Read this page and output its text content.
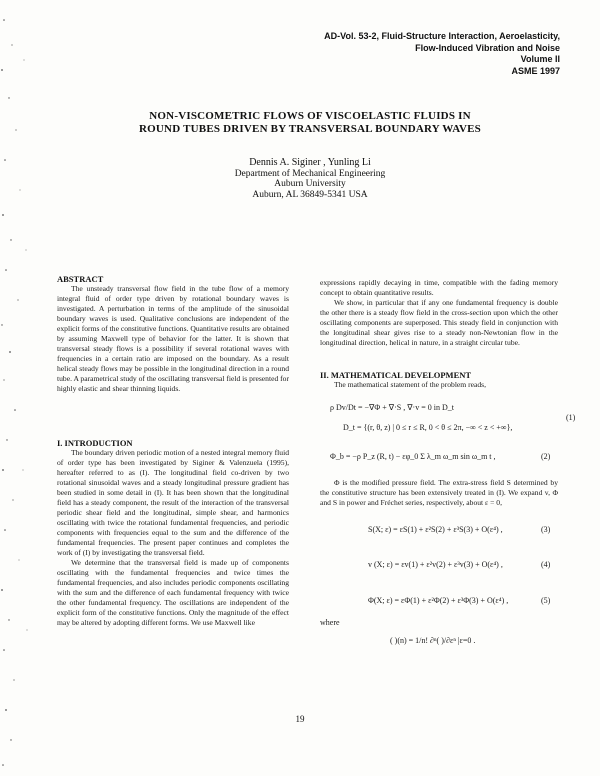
AD-Vol. 53-2, Fluid-Structure Interaction, Aeroelasticity,
Flow-Induced Vibration and Noise
Volume II
ASME 1997
NON-VISCOMETRIC FLOWS OF VISCOELASTIC FLUIDS IN
ROUND TUBES DRIVEN BY TRANSVERSAL BOUNDARY WAVES
Dennis A. Siginer , Yunling Li
Department of Mechanical Engineering
Auburn University
Auburn, AL 36849-5341 USA
ABSTRACT

The unsteady transversal flow field in the tube flow of a memory integral fluid of order type driven by rotational boundary waves is investigated. A perturbation in terms of the amplitude of the sinusoidal boundary waves is used. Qualitative conclusions are independent of the explicit forms of the constitutive functions. Quantitative results are obtained by assuming Maxwell type of behavior for the latter. It is shown that transversal steady flows is a possibility if several rotational waves with frequencies in a certain ratio are imposed on the boundary. As a result helical steady flows may be possible in the longitudinal direction in a round tube. A parametrical study of the oscillating transversal field is presented for highly elastic and shear thinning liquids.

I. INTRODUCTION

The boundary driven periodic motion of a nested integral memory fluid of order type has been investigated by Siginer & Valenzuela (1995), hereafter referred to as (I). The longitudinal field co-driven by two rotational sinusoidal waves and a steady longitudinal pressure gradient has been studied in some detail in (I). It has been shown that the longitudinal field has a steady component, the result of the interaction of the transversal periodic shear field and the longitudinal, simple shear, and harmonics oscillating with twice the rotational fundamental frequencies, and periodic components with frequencies equal to the sum and the difference of the fundamental frequencies. The present paper continues and completes the work of (I) by investigating the transversal field.

We determine that the transversal field is made up of components oscillating with the fundamental frequencies and twice times the fundamental frequencies, and also includes periodic components oscillating with the sum and the difference of each fundamental frequency with twice the other fundamental frequency. The oscillations are independent of the explicit form of the constitutive functions. Only the magnitude of the effect may be altered by adopting different forms. We use Maxwell like

expressions rapidly decaying in time, compatible with the fading memory concept to obtain quantitative results.

We show, in particular that if any one fundamental frequency is double the other there is a steady flow field in the cross-section upon which the other oscillating components are superposed. This steady field in conjunction with the longitudinal shear gives rise to a steady non-Newtonian flow in the longitudinal direction, helical in nature, in a straight circular tube.

II. MATHEMATICAL DEVELOPMENT

The mathematical statement of the problem reads,

ρ Dv/Dt = −∇Φ + ∇·S , ∇·v = 0 in D_t
D_t = {(r, θ, z) | 0 ≤ r ≤ R, 0 < θ ≤ 2π, −∞ < z < +∞},
(1)
Φ_b = −ρ P_z (R, t) − εφ_0 Σ λ_m ω_m sin ω_m t ,	(2)

Φ is the modified pressure field. The extra-stress field S determined by the constitutive structure has been extensively treated in (I). We expand v, Φ and S in power and Fréchet series, respectively, about ε = 0,

S(X; ε) = εS(1) + ε²S(2) + ε³S(3) + O(ε⁴) ,	(3)
v (X; ε) = εv(1) + ε²v(2) + ε³v(3) + O(ε⁴) ,	(4)
Φ(X; ε) = εΦ(1) + ε²Φ(2) + ε³Φ(3) + O(ε⁴) ,	(5)
where
( )(n) = 1/n! ∂ⁿ( )/∂εⁿ |ε=0 .
19
